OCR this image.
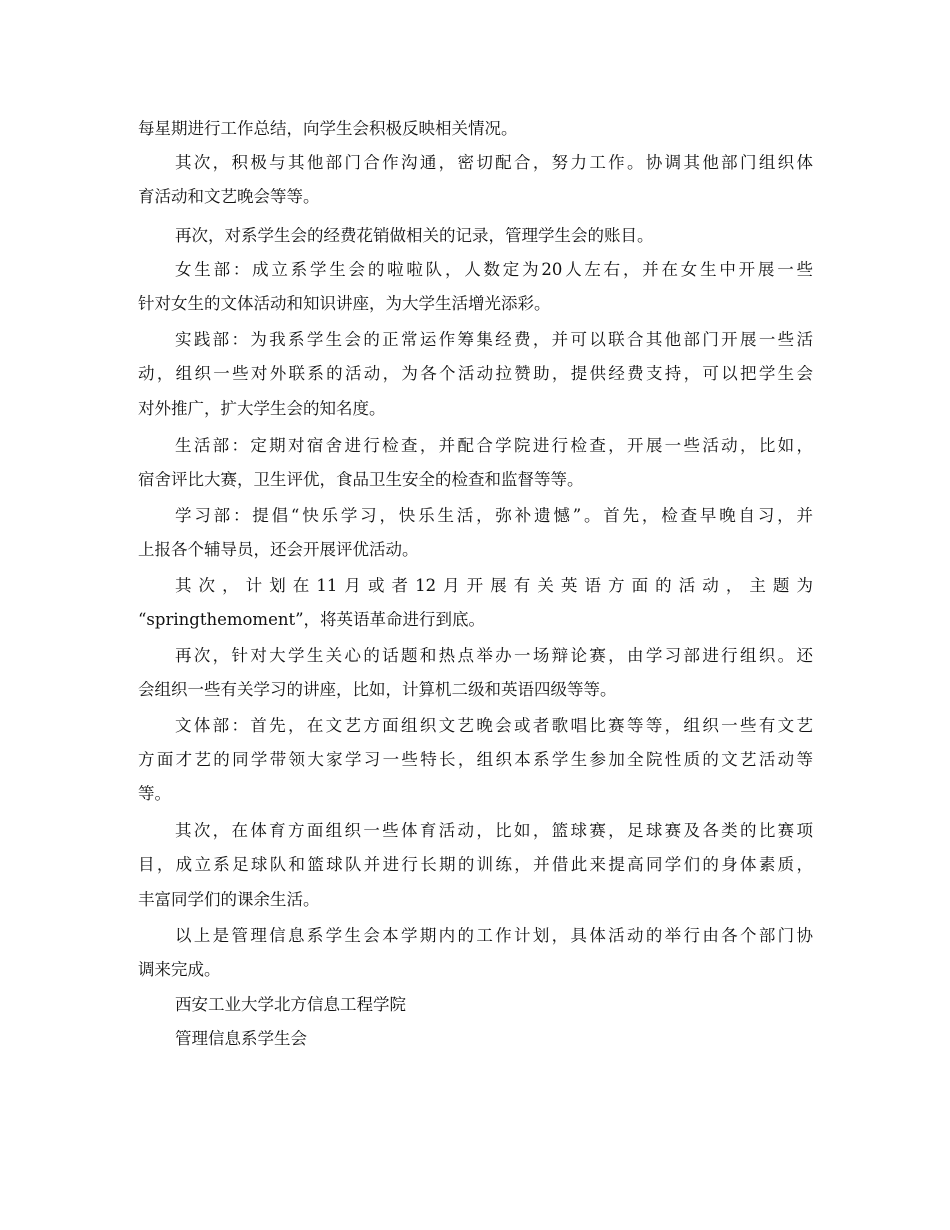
每星期进行工作总结，向学生会积极反映相关情况。
其次，积极与其他部门合作沟通，密切配合，努力工作。协调其他部门组织体
育活动和文艺晚会等等。
再次，对系学生会的经费花销做相关的记录，管理学生会的账目。
女生部：成立系学生会的啦啦队，人数定为20人左右，并在女生中开展一些
针对女生的文体活动和知识讲座，为大学生活增光添彩。
实践部：为我系学生会的正常运作筹集经费，并可以联合其他部门开展一些活
动，组织一些对外联系的活动，为各个活动拉赞助，提供经费支持，可以把学生会
对外推广，扩大学生会的知名度。
生活部：定期对宿舍进行检查，并配合学院进行检查，开展一些活动，比如，
宿舍评比大赛，卫生评优，食品卫生安全的检查和监督等等。
学习部：提倡“快乐学习，快乐生活，弥补遗憾”。首先，检查早晚自习，并
上报各个辅导员，还会开展评优活动。
其次，计划在11月或者12月开展有关英语方面的活动，主题为
“springthemoment”，将英语革命进行到底。
再次，针对大学生关心的话题和热点举办一场辩论赛，由学习部进行组织。还
会组织一些有关学习的讲座，比如，计算机二级和英语四级等等。
文体部：首先，在文艺方面组织文艺晚会或者歌唱比赛等等，组织一些有文艺
方面才艺的同学带领大家学习一些特长，组织本系学生参加全院性质的文艺活动等
等。
其次，在体育方面组织一些体育活动，比如，篮球赛，足球赛及各类的比赛项
目，成立系足球队和篮球队并进行长期的训练，并借此来提高同学们的身体素质，
丰富同学们的课余生活。
以上是管理信息系学生会本学期内的工作计划，具体活动的举行由各个部门协
调来完成。
西安工业大学北方信息工程学院
管理信息系学生会
